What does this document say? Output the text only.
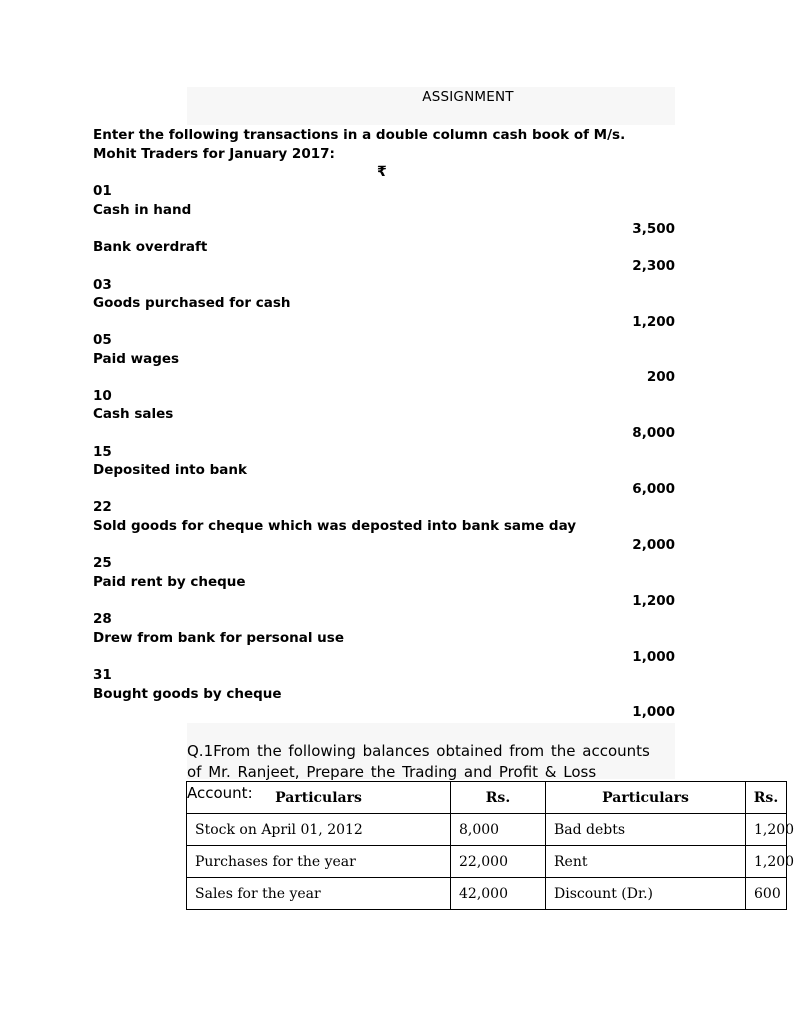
ASSIGNMENT
Enter the following transactions in a double column cash book of M/s. Mohit Traders for January 2017:
₹
01
Cash in hand
3,500
Bank overdraft
2,300
03
Goods purchased for cash
1,200
05
Paid wages
200
10
Cash sales
8,000
15
Deposited into bank
6,000
22
Sold goods for cheque which was deposted into bank same day
2,000
25
Paid rent by cheque
1,200
28
Drew from bank for personal use
1,000
31
Bought goods by cheque
1,000
Q.1From the following balances obtained from the accounts of Mr. Ranjeet, Prepare the Trading and Profit & Loss Account:	Particulars	Rs.	Particulars	Rs.
Stock on April 01, 2012	8,000	Bad debts	1,200
Purchases for the year	22,000	Rent	1,200
Sales for the year	42,000	Discount (Dr.)	600
